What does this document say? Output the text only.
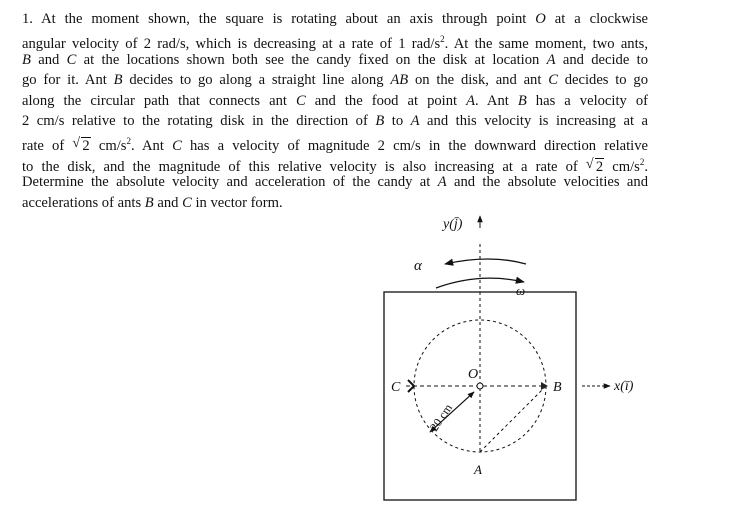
1. At the moment shown, the square is rotating about an axis through point O at a clockwise
angular velocity of 2 rad/s, which is decreasing at a rate of 1 rad/$s^2$. At the same moment, two ants,
B and C at the locations shown both see the candy fixed on the disk at location A and decide to
go for it. Ant B decides to go along a straight line along AB on the disk, and ant C decides to go
along the circular path that connects ant C and the food at point A. Ant B has a velocity of
2 cm/s relative to the rotating disk in the direction of B to A and this velocity is increasing at a
rate of √ 2 $cm/s^2$. Ant C has a velocity of magnitude 2 cm/s in the downward direction relative
to the disk, and the magnitude of this relative velocity is also increasing at a rate of √ 2 $cm/s^2$.
Determine the absolute velocity and acceleration of the candy at A and the absolute velocities and
accelerations of ants B and C in vector form.
y(j̄)
x(ī)
α
ω
O
A
B
C
20 cm
